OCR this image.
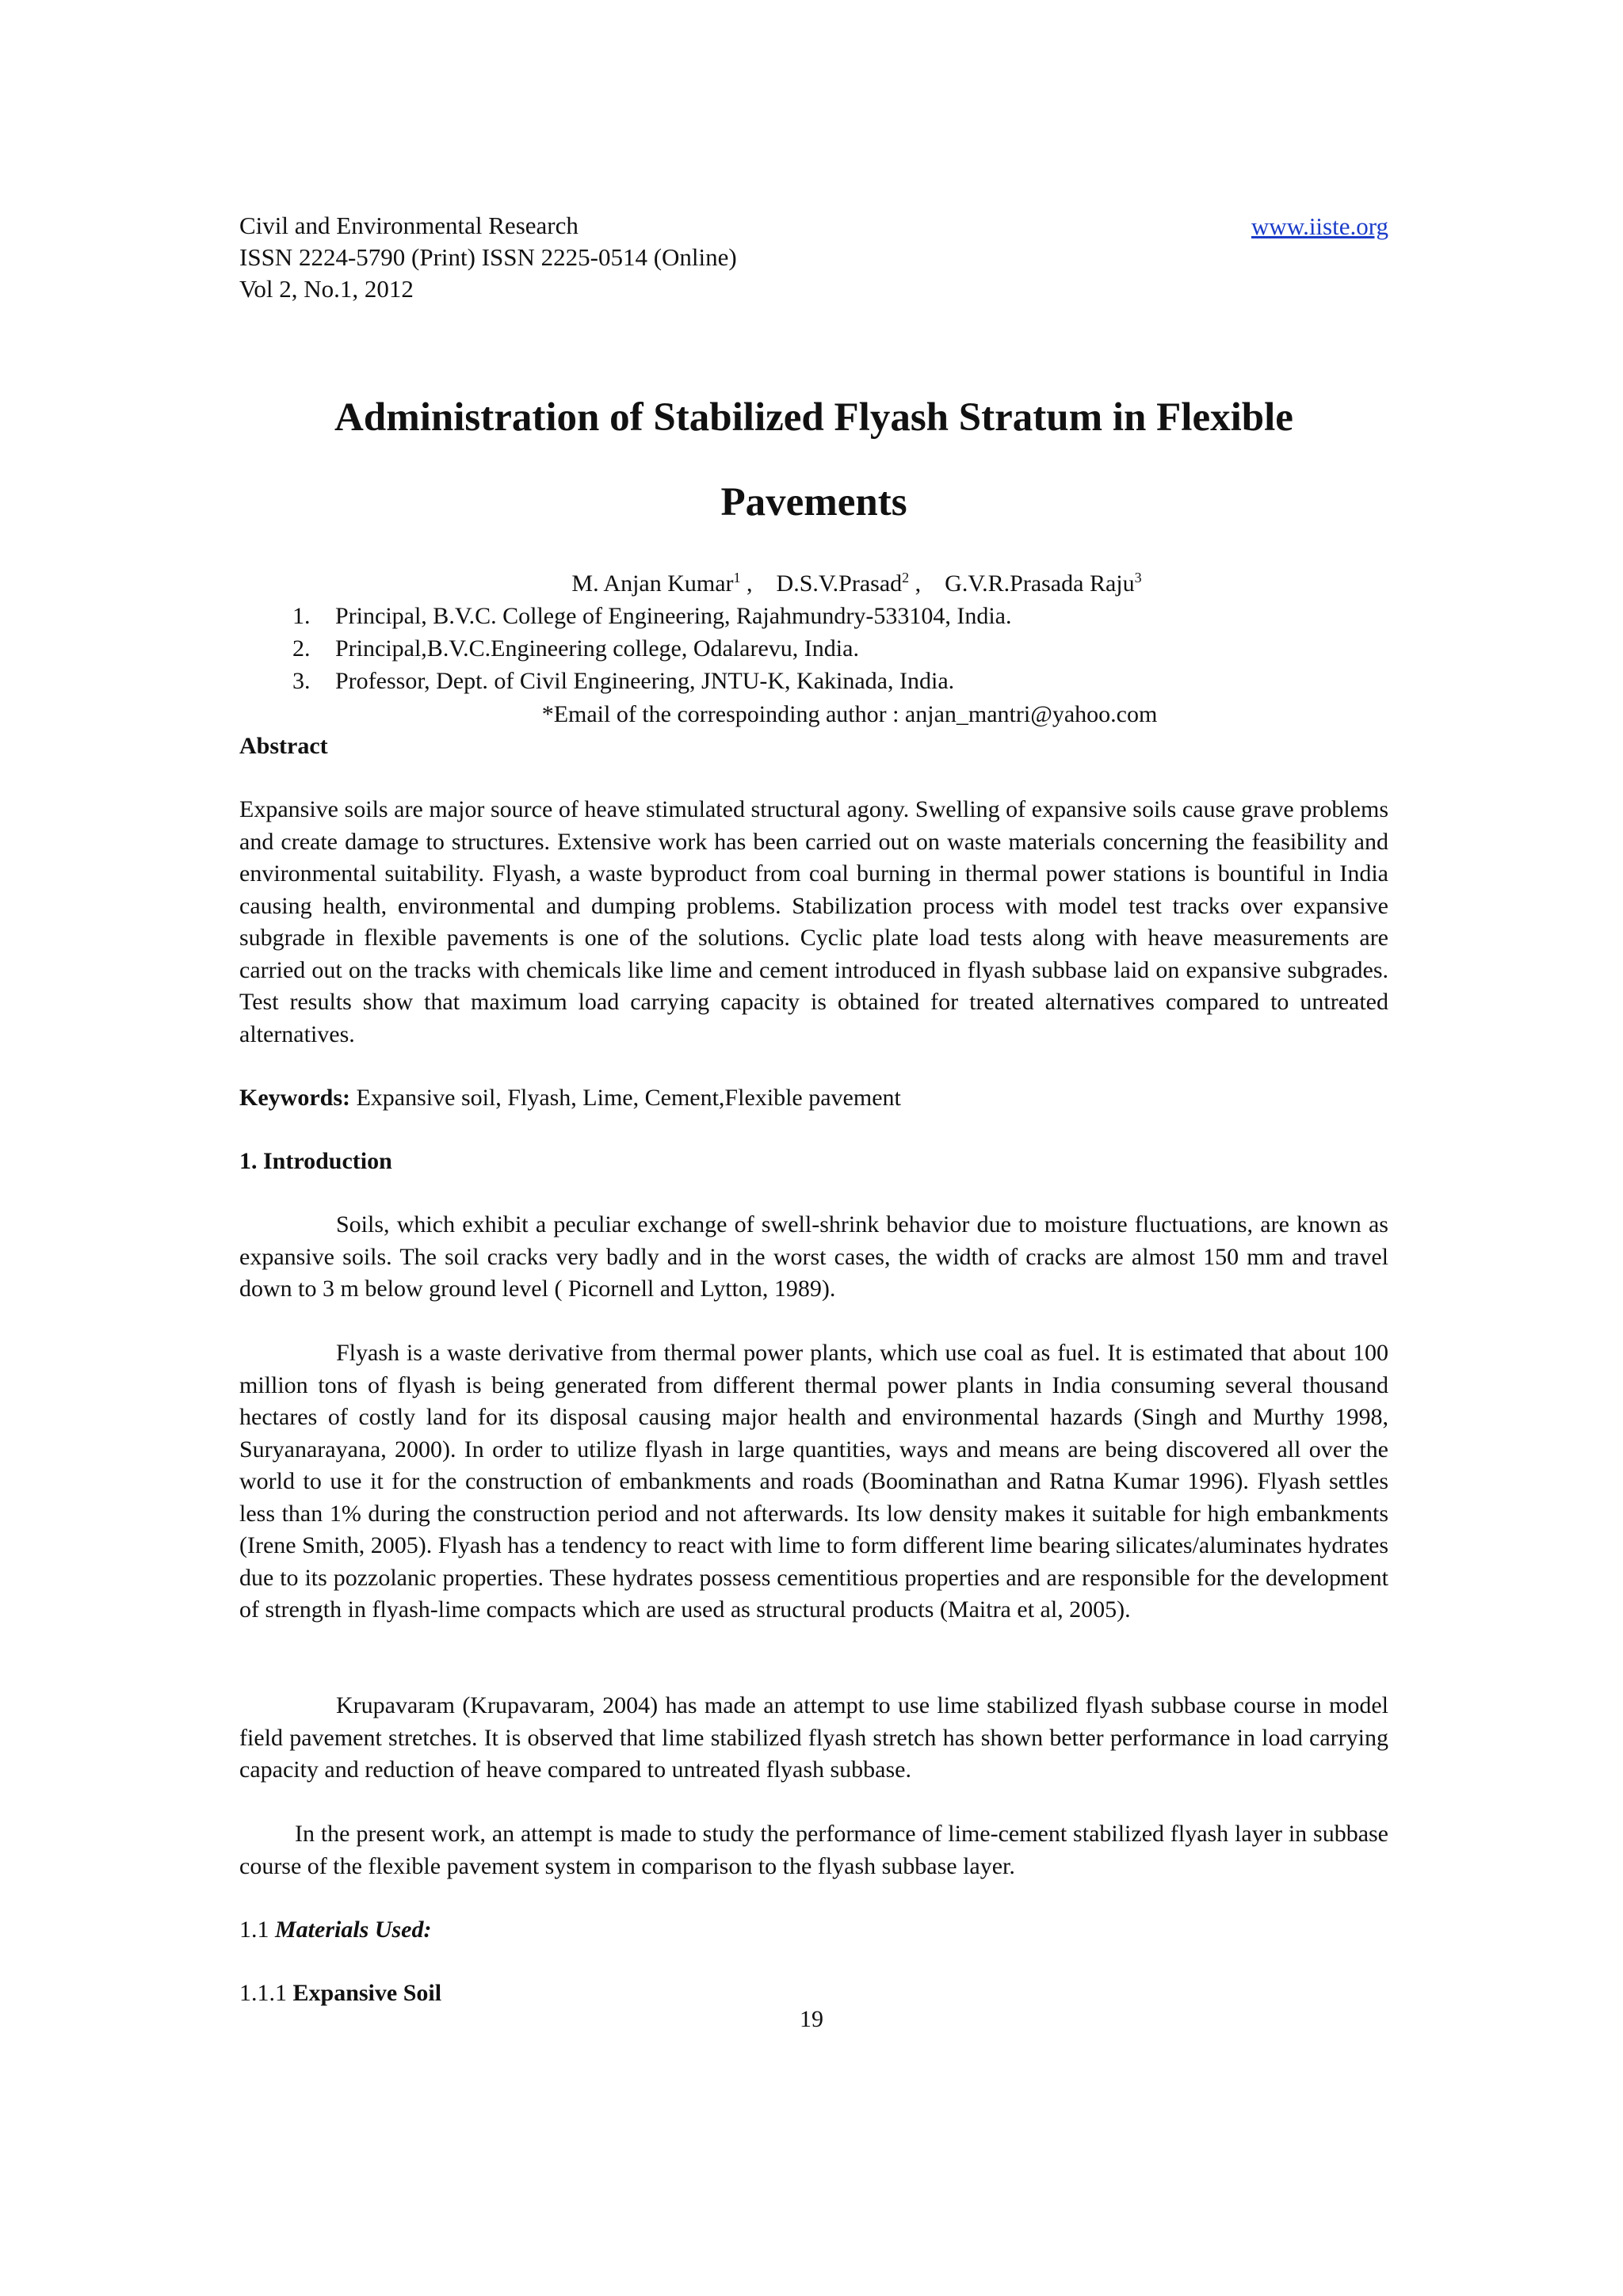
Civil and Environmental Research
ISSN 2224-5790 (Print) ISSN 2225-0514 (Online)
Vol 2, No.1, 2012
www.iiste.org
Administration of Stabilized Flyash Stratum in Flexible
Pavements
M. Anjan Kumar$^1$ , D.S.V.Prasad$^2$ , G.V.R.Prasada Raju$^3$
1. Principal, B.V.C. College of Engineering, Rajahmundry-533104, India.
2. Principal,B.V.C.Engineering college, Odalarevu, India.
3. Professor, Dept. of Civil Engineering, JNTU-K, Kakinada, India.
*Email of the correspoinding author : anjan_mantri@yahoo.com
Abstract
Expansive soils are major source of heave stimulated structural agony. Swelling of expansive soils cause grave problems and create damage to structures. Extensive work has been carried out on waste materials concerning the feasibility and environmental suitability. Flyash, a waste byproduct from coal burning in thermal power stations is bountiful in India causing health, environmental and dumping problems. Stabilization process with model test tracks over expansive subgrade in flexible pavements is one of the solutions. Cyclic plate load tests along with heave measurements are carried out on the tracks with chemicals like lime and cement introduced in flyash subbase laid on expansive subgrades. Test results show that maximum load carrying capacity is obtained for treated alternatives compared to untreated alternatives.
Keywords: Expansive soil, Flyash, Lime, Cement,Flexible pavement
1. Introduction
Soils, which exhibit a peculiar exchange of swell-shrink behavior due to moisture fluctuations, are known as expansive soils. The soil cracks very badly and in the worst cases, the width of cracks are almost 150 mm and travel down to 3 m below ground level ( Picornell and Lytton, 1989).
Flyash is a waste derivative from thermal power plants, which use coal as fuel. It is estimated that about 100 million tons of flyash is being generated from different thermal power plants in India consuming several thousand hectares of costly land for its disposal causing major health and environmental hazards (Singh and Murthy 1998, Suryanarayana, 2000). In order to utilize flyash in large quantities, ways and means are being discovered all over the world to use it for the construction of embankments and roads (Boominathan and Ratna Kumar 1996). Flyash settles less than 1% during the construction period and not afterwards. Its low density makes it suitable for high embankments (Irene Smith, 2005). Flyash has a tendency to react with lime to form different lime bearing silicates/aluminates hydrates due to its pozzolanic properties. These hydrates possess cementitious properties and are responsible for the development of strength in flyash-lime compacts which are used as structural products (Maitra et al, 2005).
Krupavaram (Krupavaram, 2004) has made an attempt to use lime stabilized flyash subbase course in model field pavement stretches. It is observed that lime stabilized flyash stretch has shown better performance in load carrying capacity and reduction of heave compared to untreated flyash subbase.
In the present work, an attempt is made to study the performance of lime-cement stabilized flyash layer in subbase course of the flexible pavement system in comparison to the flyash subbase layer.
1.1 Materials Used:
1.1.1 Expansive Soil
19
